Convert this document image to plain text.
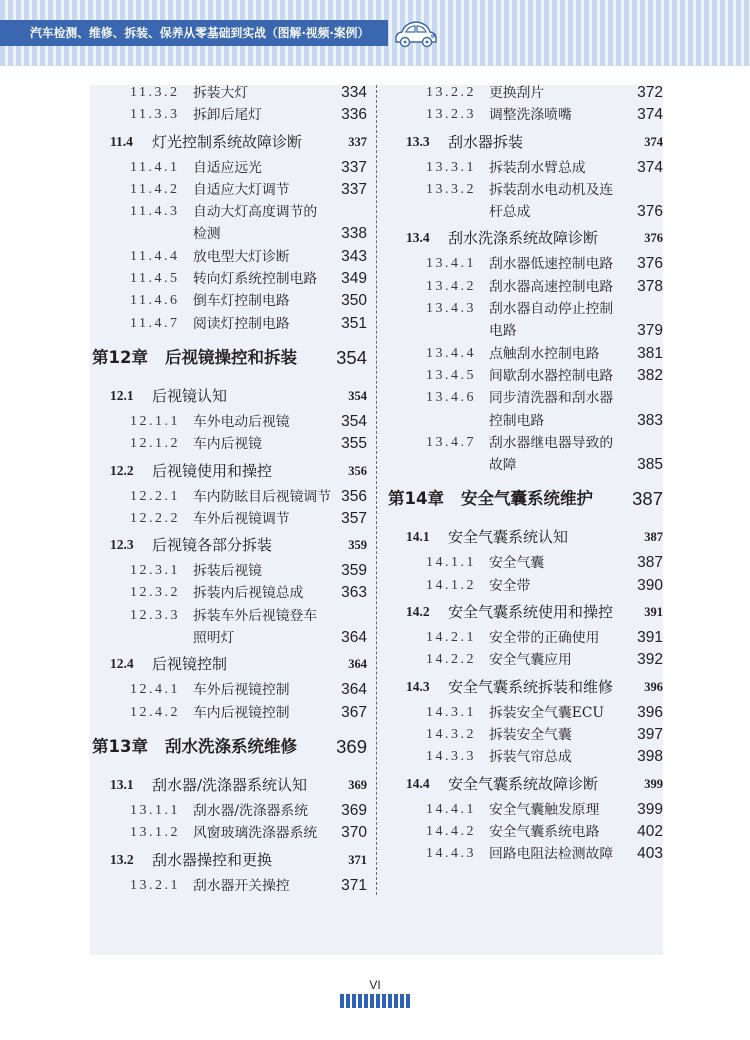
汽车检测、维修、拆装、保养从零基础到实战（图解·视频·案例）
11.3.2 拆装大灯	334
11.3.3 拆卸后尾灯	336
11.4 灯光控制系统故障诊断	337
11.4.1 自适应远光	337
11.4.2 自适应大灯调节	337
11.4.3 自动大灯高度调节的
检测	338
11.4.4 放电型大灯诊断	343
11.4.5 转向灯系统控制电路 349
11.4.6 倒车灯控制电路	350
11.4.7 阅读灯控制电路	351
第12章 后视镜操控和拆装 354
12.1 后视镜认知	354
12.1.1 车外电动后视镜	354
12.1.2 车内后视镜	355
12.2 后视镜使用和操控	356
12.2.1 车内防眩目后视镜调节 356
12.2.2 车外后视镜调节	357
12.3 后视镜各部分拆装	359
12.3.1 拆装后视镜	359
12.3.2 拆装内后视镜总成 363
12.3.3 拆装车外后视镜登车
照明灯	364
12.4 后视镜控制	364
12.4.1 车外后视镜控制	364
12.4.2 车内后视镜控制	367
第13章 刮水洗涤系统维修 369
13.1 刮水器/洗涤器系统认知	369
13.1.1 刮水器/洗涤器系统 369
13.1.2 风窗玻璃洗涤器系统 370
13.2 刮水器操控和更换	371
13.2.1 刮水器开关操控	371
13.2.2 更换刮片	372
13.2.3 调整洗涤喷嘴	374
13.3 刮水器拆装	374
13.3.1 拆装刮水臂总成	374
13.3.2 拆装刮水电动机及连
杆总成	376
13.4 刮水洗涤系统故障诊断	376
13.4.1 刮水器低速控制电路 376
13.4.2 刮水器高速控制电路 378
13.4.3 刮水器自动停止控制
电路	379
13.4.4 点触刮水控制电路 381
13.4.5 间歇刮水器控制电路 382
13.4.6 同步清洗器和刮水器
控制电路	383
13.4.7 刮水器继电器导致的
故障	385
第14章 安全气囊系统维护 387
14.1 安全气囊系统认知	387
14.1.1 安全气囊	387
14.1.2 安全带	390
14.2 安全气囊系统使用和操控 391
14.2.1 安全带的正确使用 391
14.2.2 安全气囊应用	392
14.3 安全气囊系统拆装和维修 396
14.3.1 拆装安全气囊ECU 396
14.3.2 拆装安全气囊	397
14.3.3 拆装气帘总成	398
14.4 安全气囊系统故障诊断	399
14.4.1 安全气囊触发原理 399
14.4.2 安全气囊系统电路 402
14.4.3 回路电阻法检测故障 403
VI
